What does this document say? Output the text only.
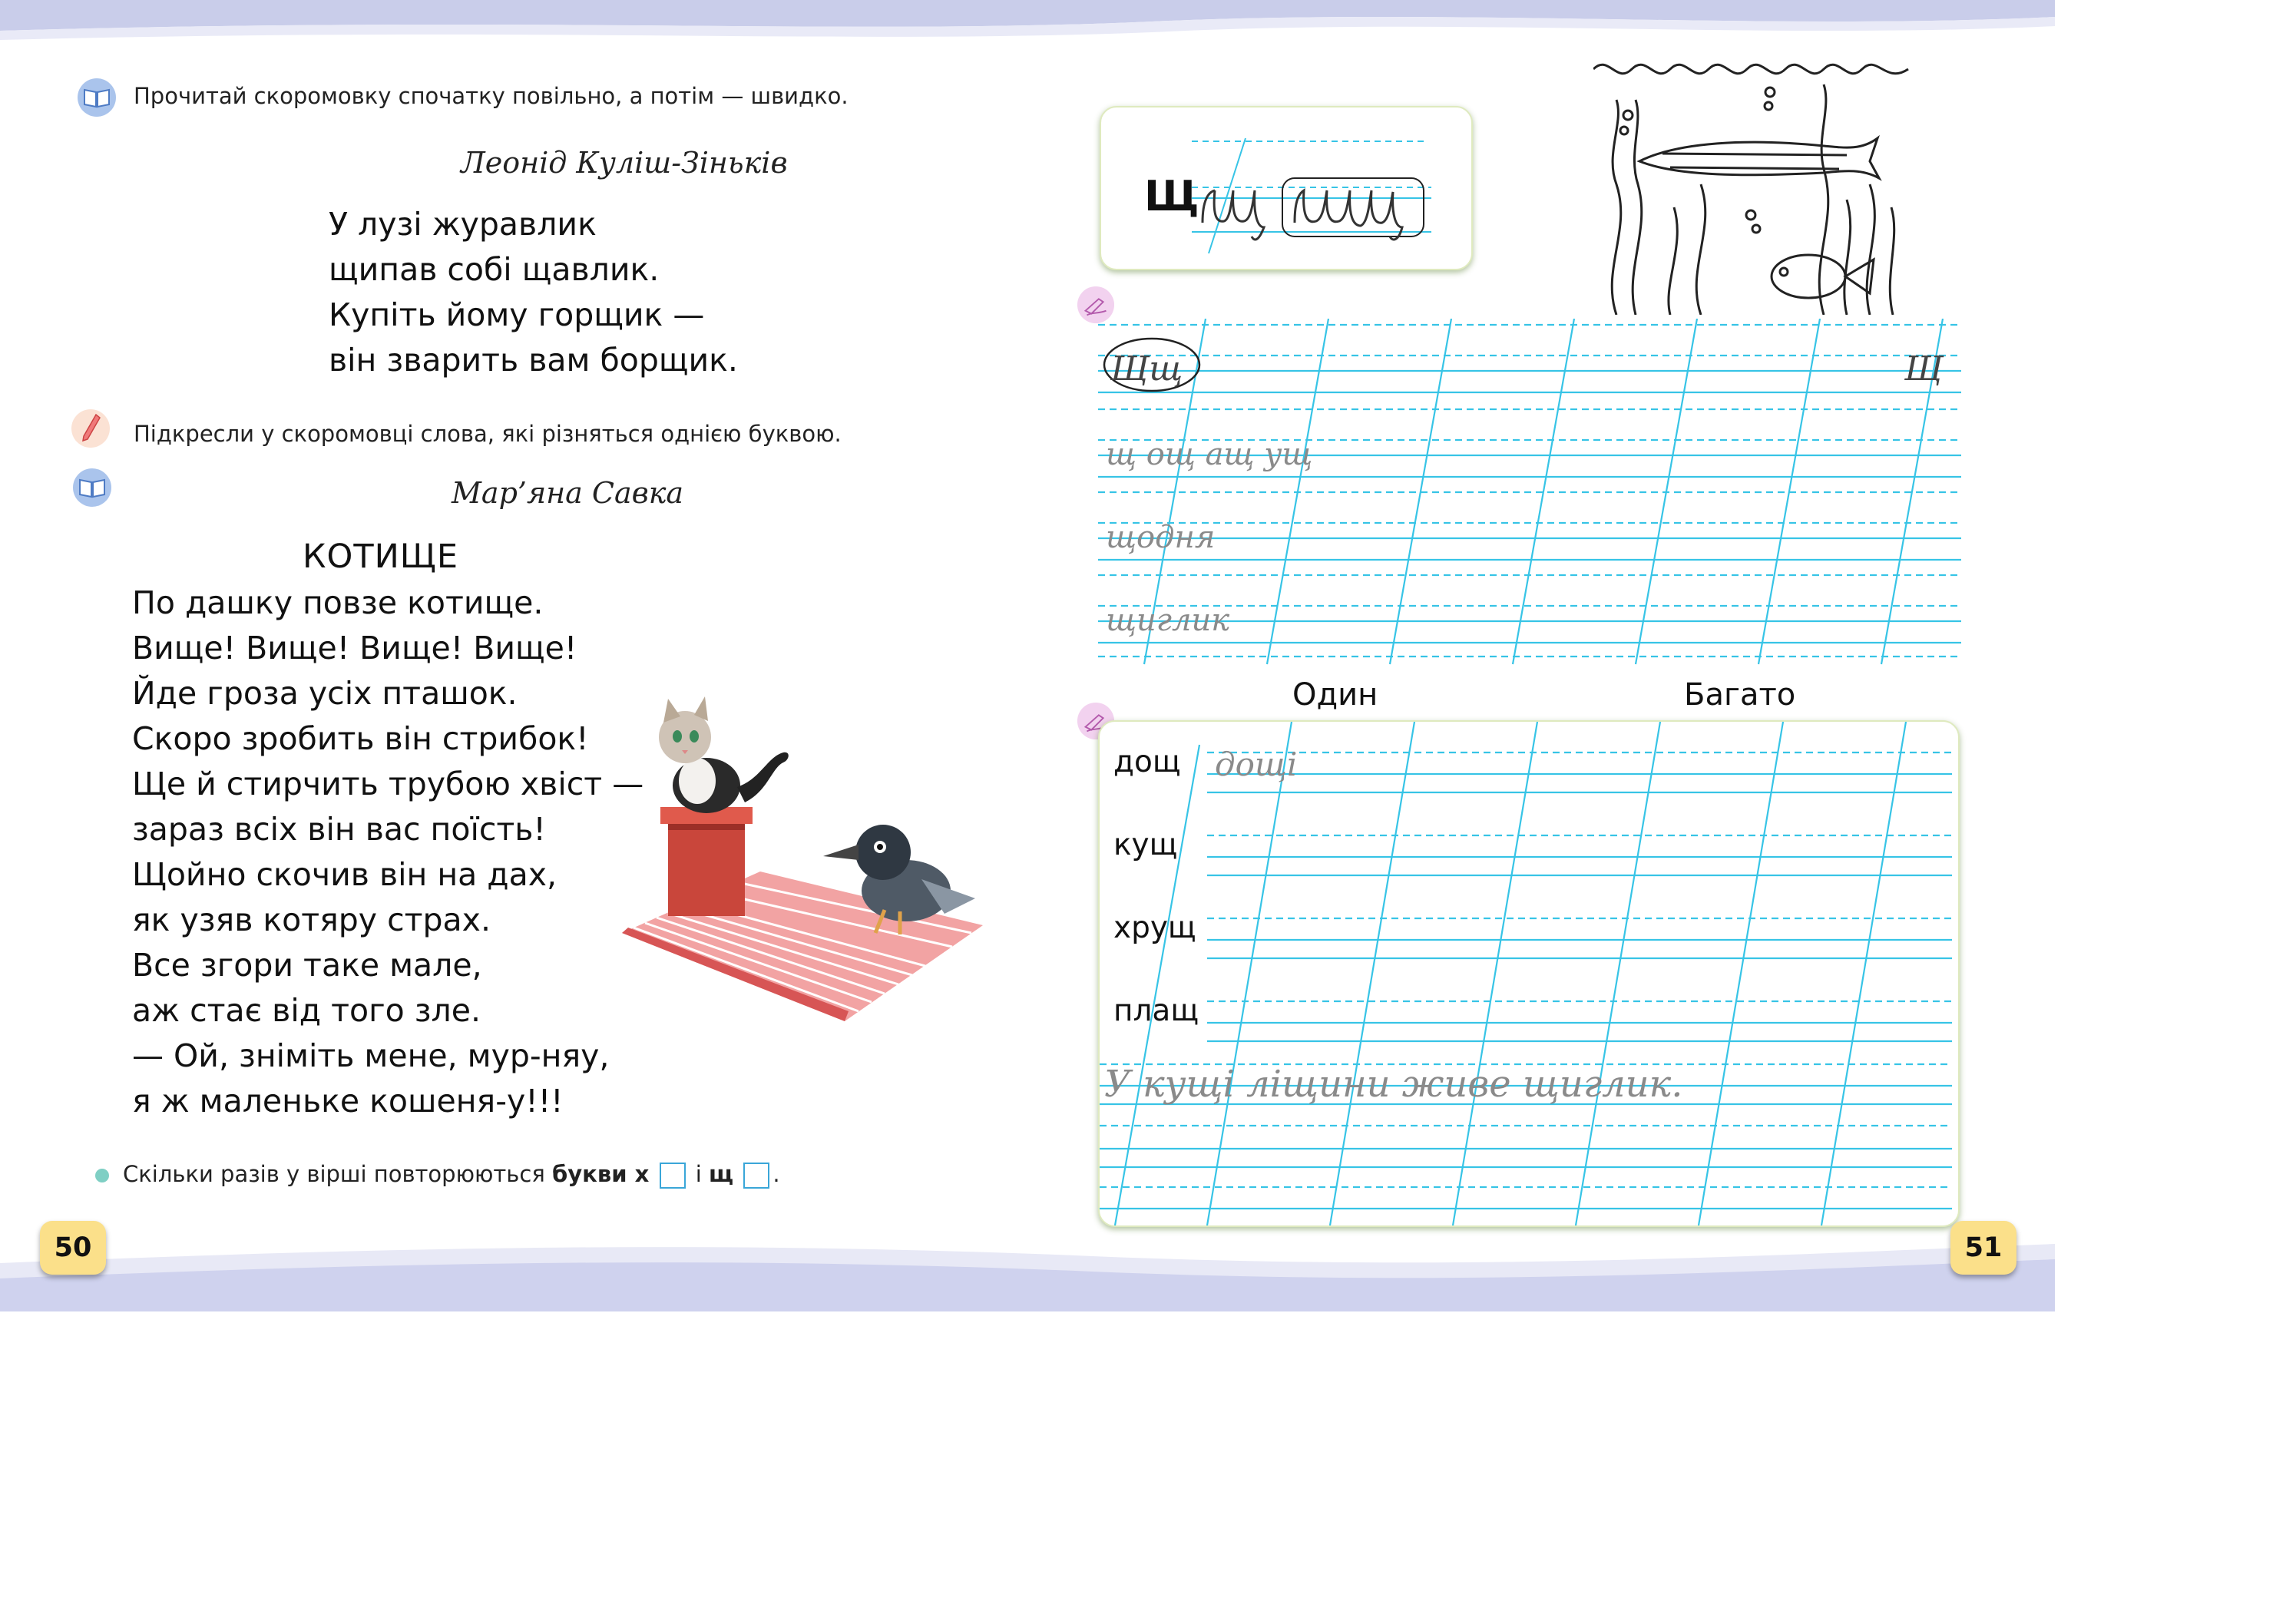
Прочитай скоромовку спочатку повільно, а потім — швидко.
Леонід Куліш-Зіньків
У лузі журавлик
щипав собі щавлик.
Купіть йому горщик —
він зварить вам борщик.
Підкресли у скоромовці слова, які різняться однією буквою.
Мар’яна Савка
КОТИЩЕ
По дашку повзе котище.
Вище! Вище! Вище! Вище!
Йде гроза усіх пташок.
Скоро зробить він стрибок!
Ще й стирчить трубою хвіст —
зараз всіх він вас поїсть!
Щойно скочив він на дах,
як узяв котяру страх.
Все згори таке мале,
аж стає від того зле.
— Ой, зніміть мене, мур-няу,
я ж маленьке кошеня-у!!!
Скільки разів у вірші повторюються букви х і щ .
50
Щ
Щщ	Щ
щ ощ ащ ущ
щодня
щиглик
Один	Багато
дощі
У кущі ліщини живе щиглик.
дощ
кущ
хрущ
плащ
51
